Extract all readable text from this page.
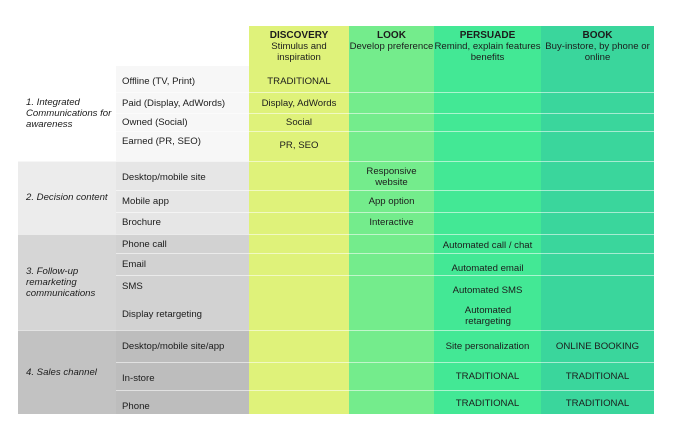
1. Integrated Communications for awareness
2. Decision content
3. Follow-up remarketing communications
4. Sales channel
DISCOVERY
Stimulus and inspiration
LOOK
Develop preference
PERSUADE
Remind, explain features benefits
BOOK
Buy-instore, by phone or online
Offline (TV, Print)
Paid (Display, AdWords)
Owned (Social)
Earned (PR, SEO)
Desktop/mobile site
Mobile app
Brochure
Phone call
Email
SMS
Display retargeting
Desktop/mobile site/app
In-store
Phone
TRADITIONAL
Display, AdWords
Social
PR, SEO
Responsive website
App option
Interactive
Automated call / chat
Automated email
Automated SMS
Automated retargeting
Site personalization
TRADITIONAL
TRADITIONAL
ONLINE BOOKING
TRADITIONAL
TRADITIONAL
